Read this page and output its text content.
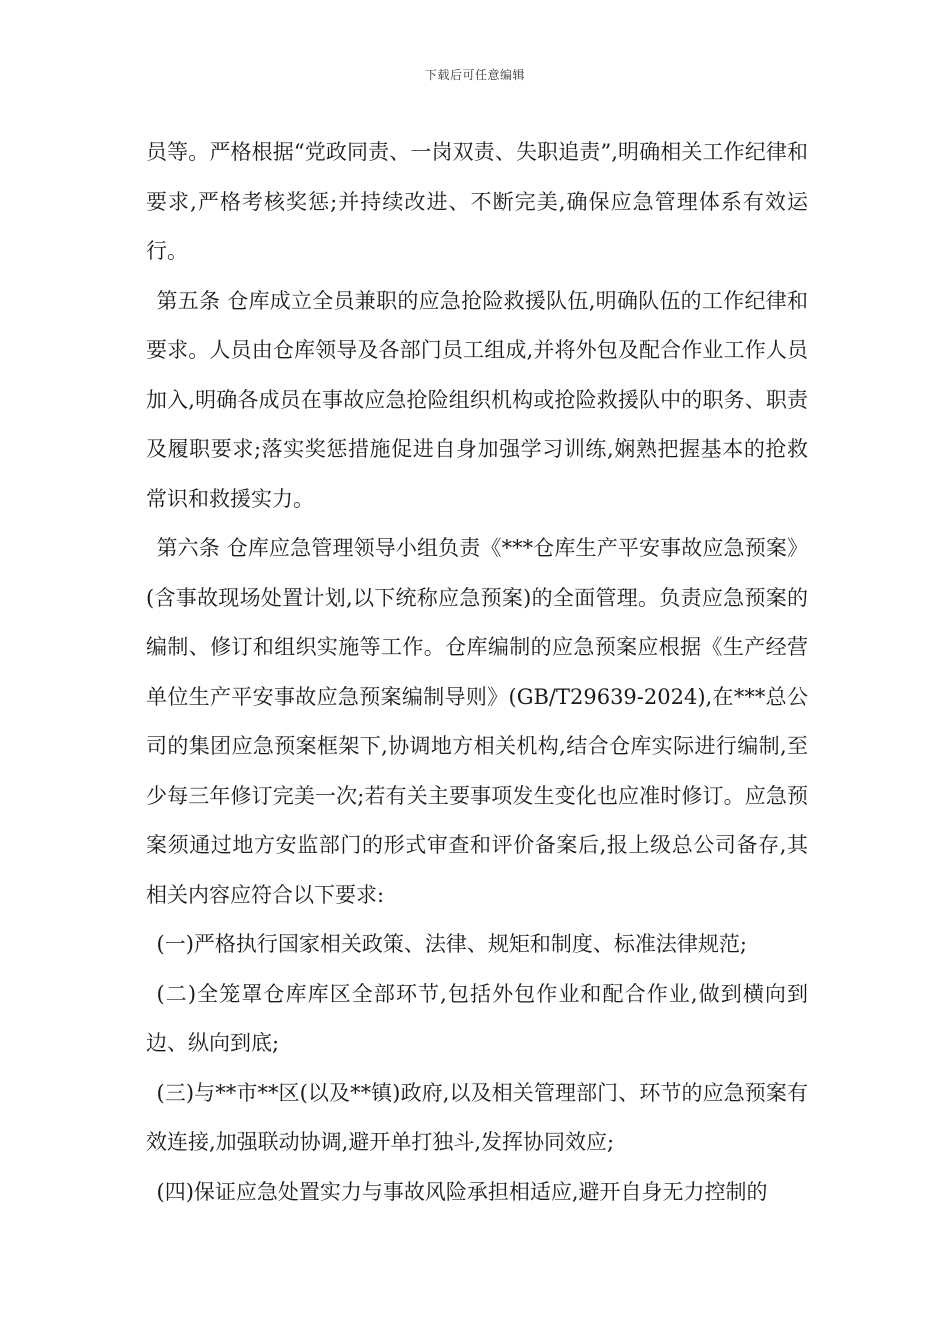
下载后可任意编辑

员等。严格根据“党政同责、一岗双责、失职追责”,明确相关工作纪律和要求,严格考核奖惩;并持续改进、不断完美,确保应急管理体系有效运行。

第五条 仓库成立全员兼职的应急抢险救援队伍,明确队伍的工作纪律和要求。人员由仓库领导及各部门员工组成,并将外包及配合作业工作人员加入,明确各成员在事故应急抢险组织机构或抢险救援队中的职务、职责及履职要求;落实奖惩措施促进自身加强学习训练,娴熟把握基本的抢救常识和救援实力。

第六条 仓库应急管理领导小组负责《***仓库生产平安事故应急预案》(含事故现场处置计划,以下统称应急预案)的全面管理。负责应急预案的编制、修订和组织实施等工作。仓库编制的应急预案应根据《生产经营单位生产平安事故应急预案编制导则》(GB/T29639-2024),在***总公司的集团应急预案框架下,协调地方相关机构,结合仓库实际进行编制,至少每三年修订完美一次;若有关主要事项发生变化也应准时修订。应急预案须通过地方安监部门的形式审查和评价备案后,报上级总公司备存,其相关内容应符合以下要求:

(一)严格执行国家相关政策、法律、规矩和制度、标准法律规范;

(二)全笼罩仓库库区全部环节,包括外包作业和配合作业,做到横向到边、纵向到底;

(三)与**市**区(以及**镇)政府,以及相关管理部门、环节的应急预案有效连接,加强联动协调,避开单打独斗,发挥协同效应;

(四)保证应急处置实力与事故风险承担相适应,避开自身无力控制的
